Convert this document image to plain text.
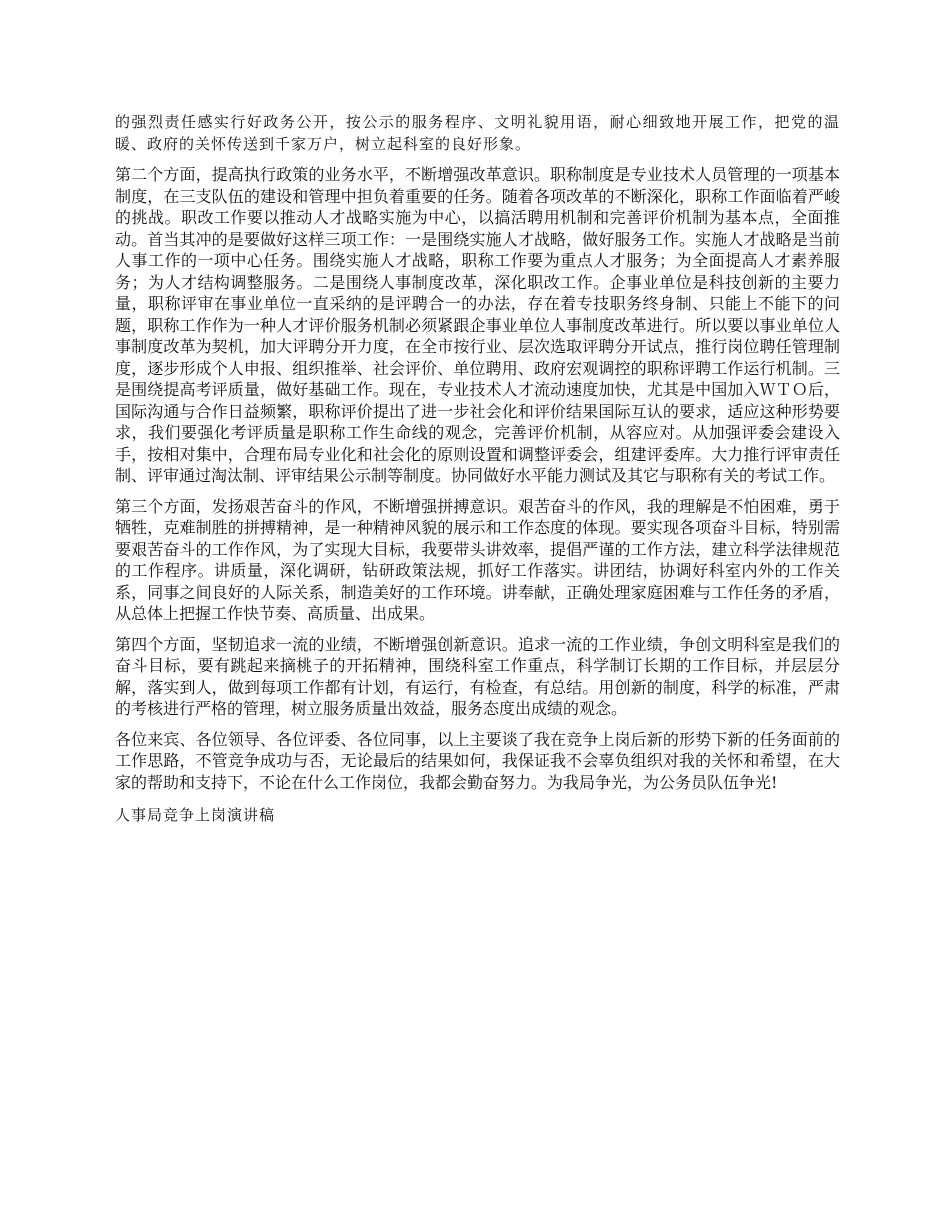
的强烈责任感实行好政务公开，按公示的服务程序、文明礼貌用语，耐心细致地开展工作，把党的温暖、政府的关怀传送到千家万户，树立起科室的良好形象。

第二个方面，提高执行政策的业务水平，不断增强改革意识。职称制度是专业技术人员管理的一项基本制度，在三支队伍的建设和管理中担负着重要的任务。随着各项改革的不断深化，职称工作面临着严峻的挑战。职改工作要以推动人才战略实施为中心，以搞活聘用机制和完善评价机制为基本点，全面推动。首当其冲的是要做好这样三项工作：一是围绕实施人才战略，做好服务工作。实施人才战略是当前人事工作的一项中心任务。围绕实施人才战略，职称工作要为重点人才服务；为全面提高人才素养服务；为人才结构调整服务。二是围绕人事制度改革，深化职改工作。企事业单位是科技创新的主要力量，职称评审在事业单位一直采纳的是评聘合一的办法，存在着专技职务终身制、只能上不能下的问题，职称工作作为一种人才评价服务机制必须紧跟企事业单位人事制度改革进行。所以要以事业单位人事制度改革为契机，加大评聘分开力度，在全市按行业、层次选取评聘分开试点，推行岗位聘任管理制度，逐步形成个人申报、组织推举、社会评价、单位聘用、政府宏观调控的职称评聘工作运行机制。三是围绕提高考评质量，做好基础工作。现在，专业技术人才流动速度加快，尤其是中国加入ＷＴＯ后，国际沟通与合作日益频繁，职称评价提出了进一步社会化和评价结果国际互认的要求，适应这种形势要求，我们要强化考评质量是职称工作生命线的观念，完善评价机制，从容应对。从加强评委会建设入手，按相对集中，合理布局专业化和社会化的原则设置和调整评委会，组建评委库。大力推行评审责任制、评审通过淘汰制、评审结果公示制等制度。协同做好水平能力测试及其它与职称有关的考试工作。

第三个方面，发扬艰苦奋斗的作风，不断增强拼搏意识。艰苦奋斗的作风，我的理解是不怕困难，勇于牺牲，克难制胜的拼搏精神，是一种精神风貌的展示和工作态度的体现。要实现各项奋斗目标，特别需要艰苦奋斗的工作作风，为了实现大目标，我要带头讲效率，提倡严谨的工作方法，建立科学法律规范的工作程序。讲质量，深化调研，钻研政策法规，抓好工作落实。讲团结，协调好科室内外的工作关系，同事之间良好的人际关系，制造美好的工作环境。讲奉献，正确处理家庭困难与工作任务的矛盾，从总体上把握工作快节奏、高质量、出成果。

第四个方面，坚韧追求一流的业绩，不断增强创新意识。追求一流的工作业绩，争创文明科室是我们的奋斗目标，要有跳起来摘桃子的开拓精神，围绕科室工作重点，科学制订长期的工作目标，并层层分解，落实到人，做到每项工作都有计划，有运行，有检查，有总结。用创新的制度，科学的标准，严肃的考核进行严格的管理，树立服务质量出效益，服务态度出成绩的观念。

各位来宾、各位领导、各位评委、各位同事，以上主要谈了我在竞争上岗后新的形势下新的任务面前的工作思路，不管竞争成功与否，无论最后的结果如何，我保证我不会辜负组织对我的关怀和希望，在大家的帮助和支持下，不论在什么工作岗位，我都会勤奋努力。为我局争光，为公务员队伍争光!

人事局竞争上岗演讲稿
